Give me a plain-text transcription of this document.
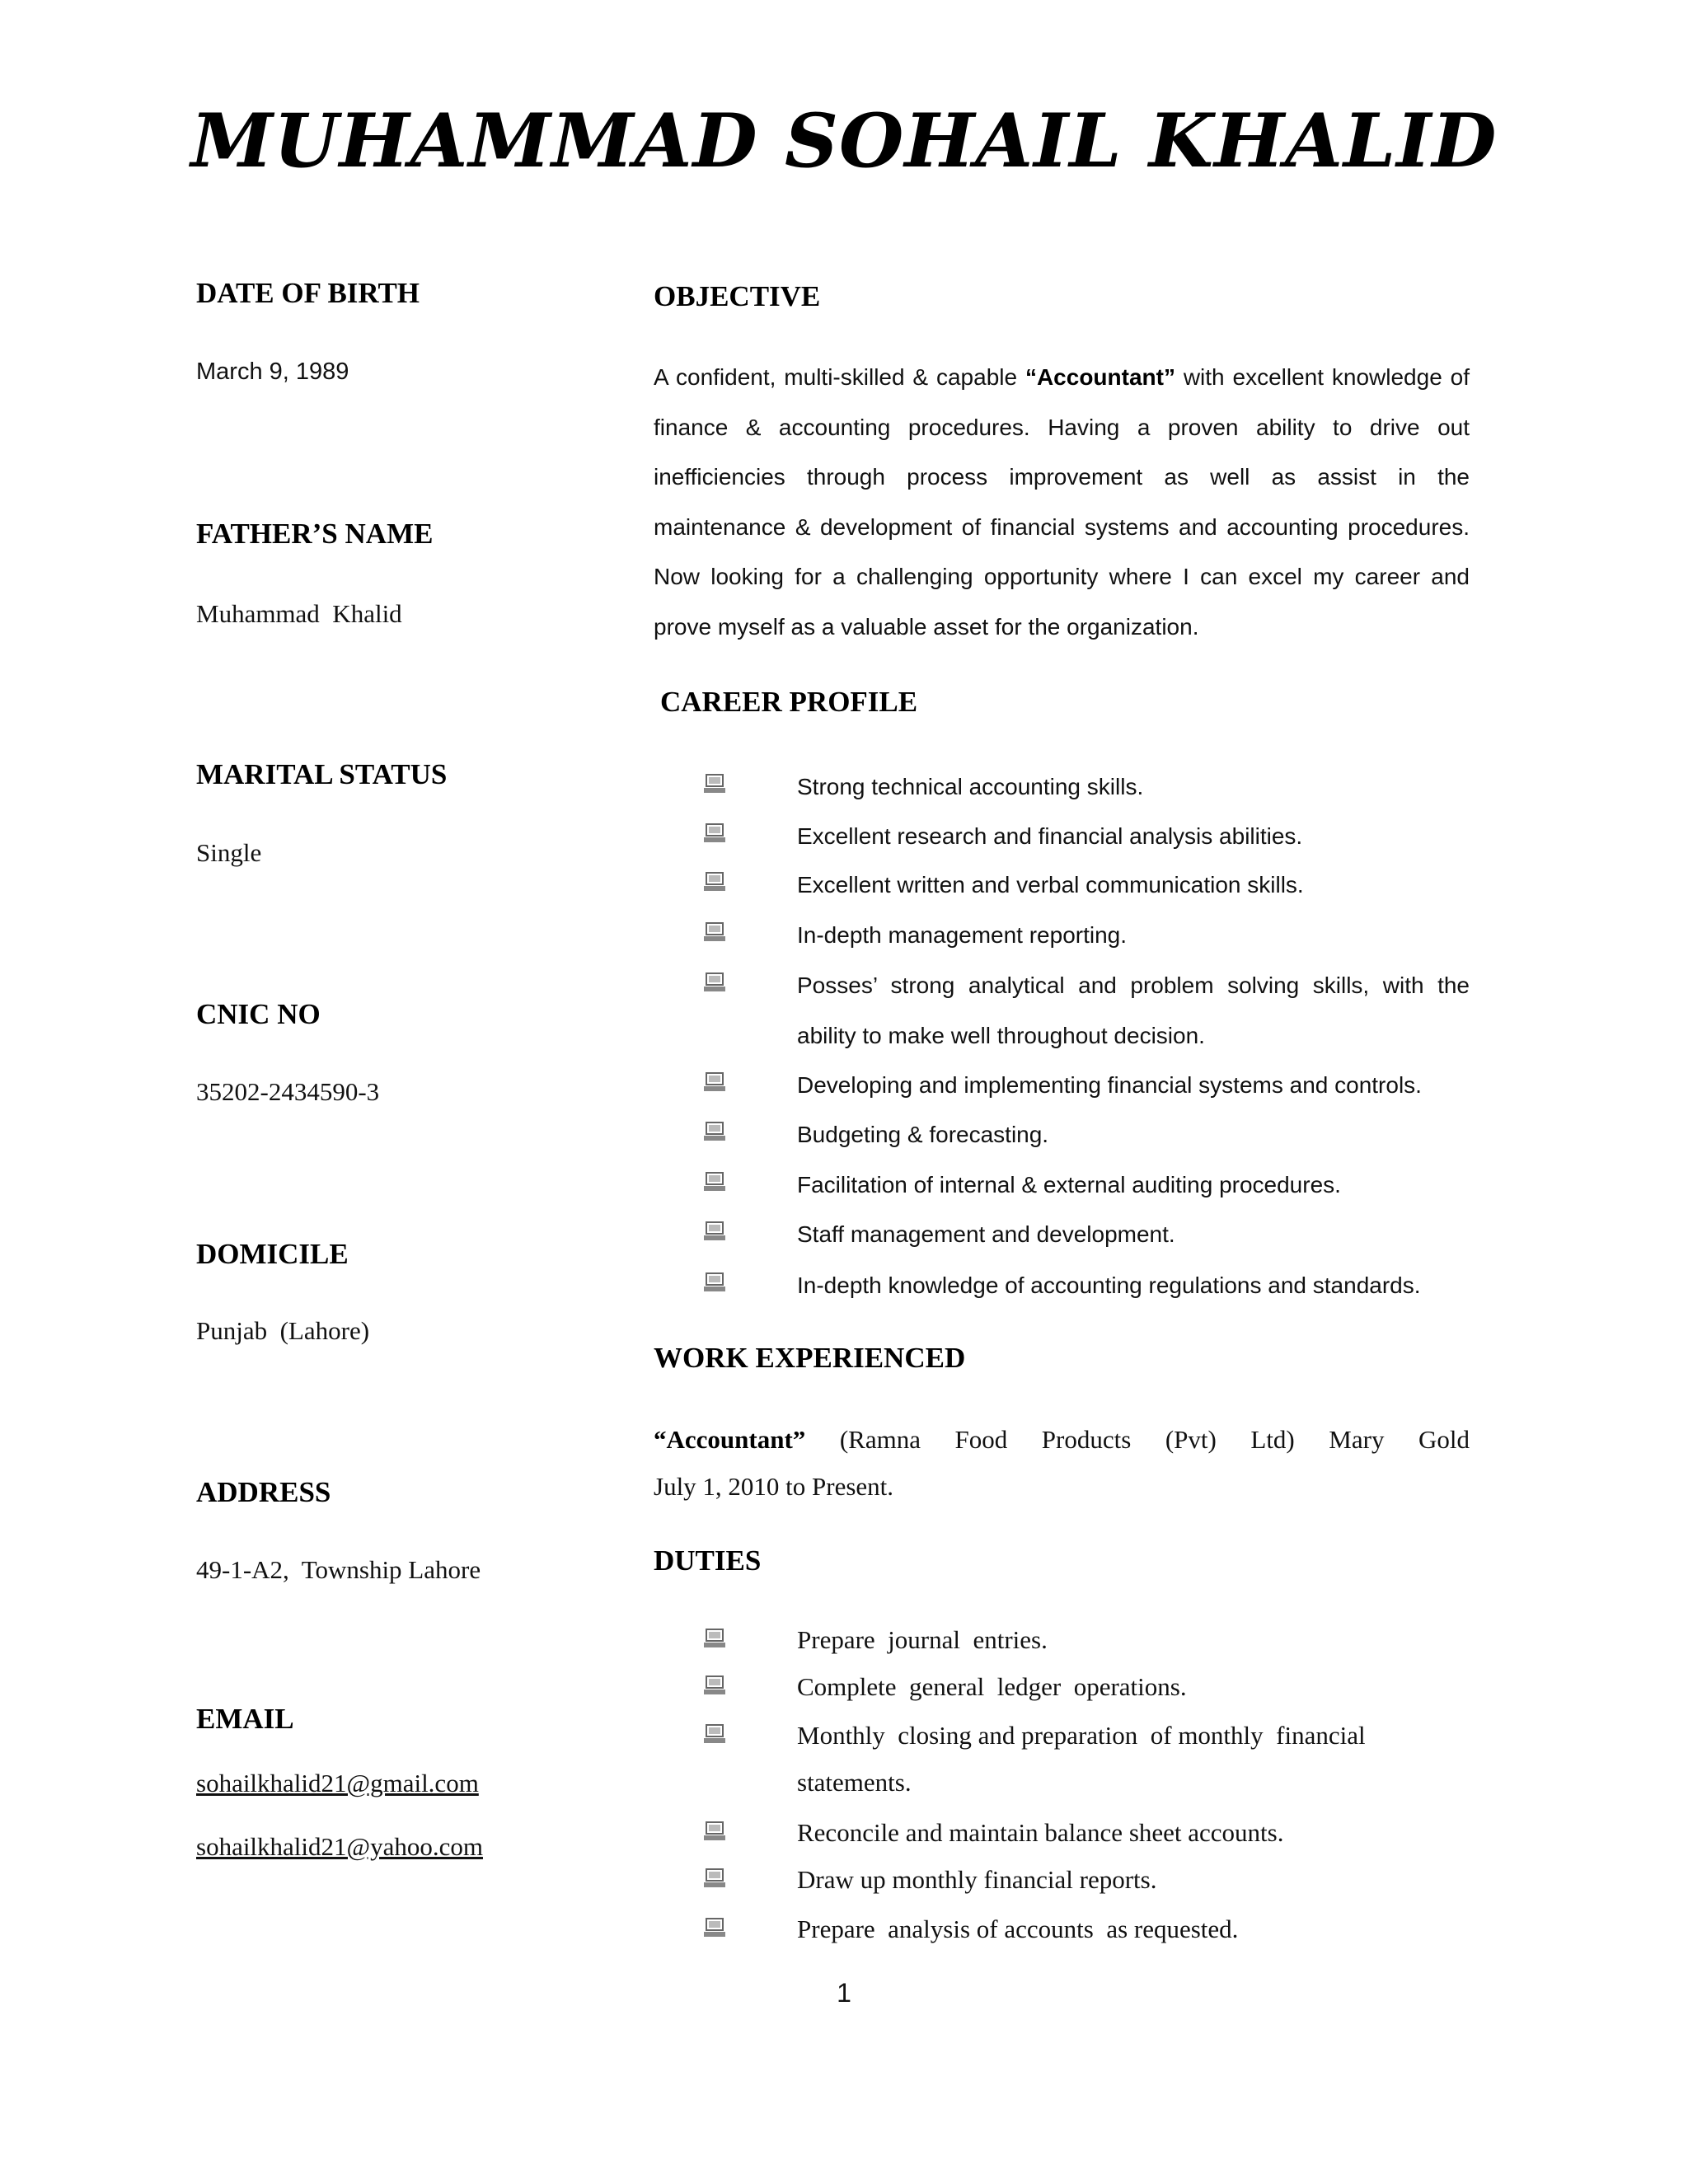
MUHAMMAD SOHAIL KHALID

DATE OF BIRTH

March 9, 1989

FATHER’S NAME

Muhammad  Khalid

MARITAL STATUS

Single

CNIC NO

35202-2434590-3

DOMICILE

Punjab  (Lahore)

ADDRESS

49-1-A2,  Township Lahore

EMAIL

sohailkhalid21@gmail.com

sohailkhalid21@yahoo.com

OBJECTIVE

A confident, multi-skilled & capable “Accountant” with excellent knowledge of finance & accounting procedures. Having a proven ability to drive out inefficiencies through process improvement as well as assist in the maintenance & development of financial systems and accounting procedures. Now looking for a challenging opportunity where I can excel my career and prove myself as a valuable asset for the organization.

CAREER PROFILE

Strong technical accounting skills.
Excellent research and financial analysis abilities.
Excellent written and verbal communication skills.
In-depth management reporting.
Posses’ strong analytical and problem solving skills, with the ability to make well throughout decision.
Developing and implementing financial systems and controls.
Budgeting & forecasting.
Facilitation of internal & external auditing procedures.
Staff management and development.
In-depth knowledge of accounting regulations and standards.

WORK EXPERIENCED

“Accountant” (Ramna Food Products (Pvt) Ltd) Mary Gold

July 1, 2010 to Present.

DUTIES

Prepare  journal  entries.
Complete  general  ledger  operations.
Monthly  closing and preparation  of monthly  financial statements.
Reconcile and maintain balance sheet accounts.
Draw up monthly financial reports.
Prepare  analysis of accounts  as requested.
1
